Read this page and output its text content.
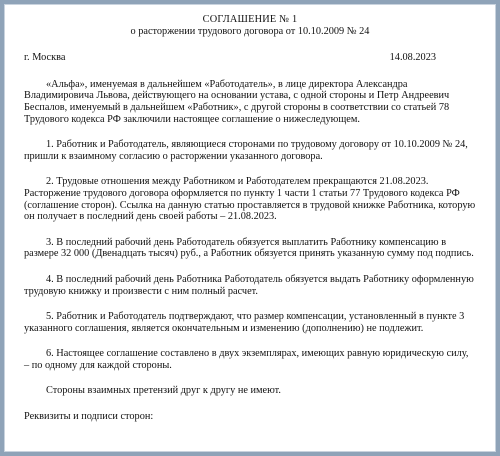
СОГЛАШЕНИЕ № 1

о расторжении трудового договора от 10.10.2009 № 24

г. Москва	14.08.2023

«Альфа», именуемая в дальнейшем «Работодатель», в лице директора Александра Владимировича Львова, действующего на основании устава, с одной стороны и Петр Андреевич Беспалов, именуемый в дальнейшем «Работник», с другой стороны в соответствии со статьей 78 Трудового кодекса РФ заключили настоящее соглашение о нижеследующем.

1. Работник и Работодатель, являющиеся сторонами по трудовому договору от 10.10.2009 № 24, пришли к взаимному согласию о расторжении указанного договора.

2. Трудовые отношения между Работником и Работодателем прекращаются 21.08.2023. Расторжение трудового договора оформляется по пункту 1 части 1 статьи 77 Трудового кодекса РФ (соглашение сторон). Ссылка на данную статью проставляется в трудовой книжке Работника, которую он получает в последний день своей работы – 21.08.2023.

3. В последний рабочий день Работодатель обязуется выплатить Работнику компенсацию в размере 32 000 (Двенадцать тысяч) руб., а Работник обязуется принять указанную сумму под подпись.

4. В последний рабочий день Работника Работодатель обязуется выдать Работнику оформленную трудовую книжку и произвести с ним полный расчет.

5. Работник и Работодатель подтверждают, что размер компенсации, установленный в пункте 3 указанного соглашения, является окончательным и изменению (дополнению) не подлежит.

6. Настоящее соглашение составлено в двух экземплярах, имеющих равную юридическую силу, – по одному для каждой стороны.

Стороны взаимных претензий друг к другу не имеют.

Реквизиты и подписи сторон:
